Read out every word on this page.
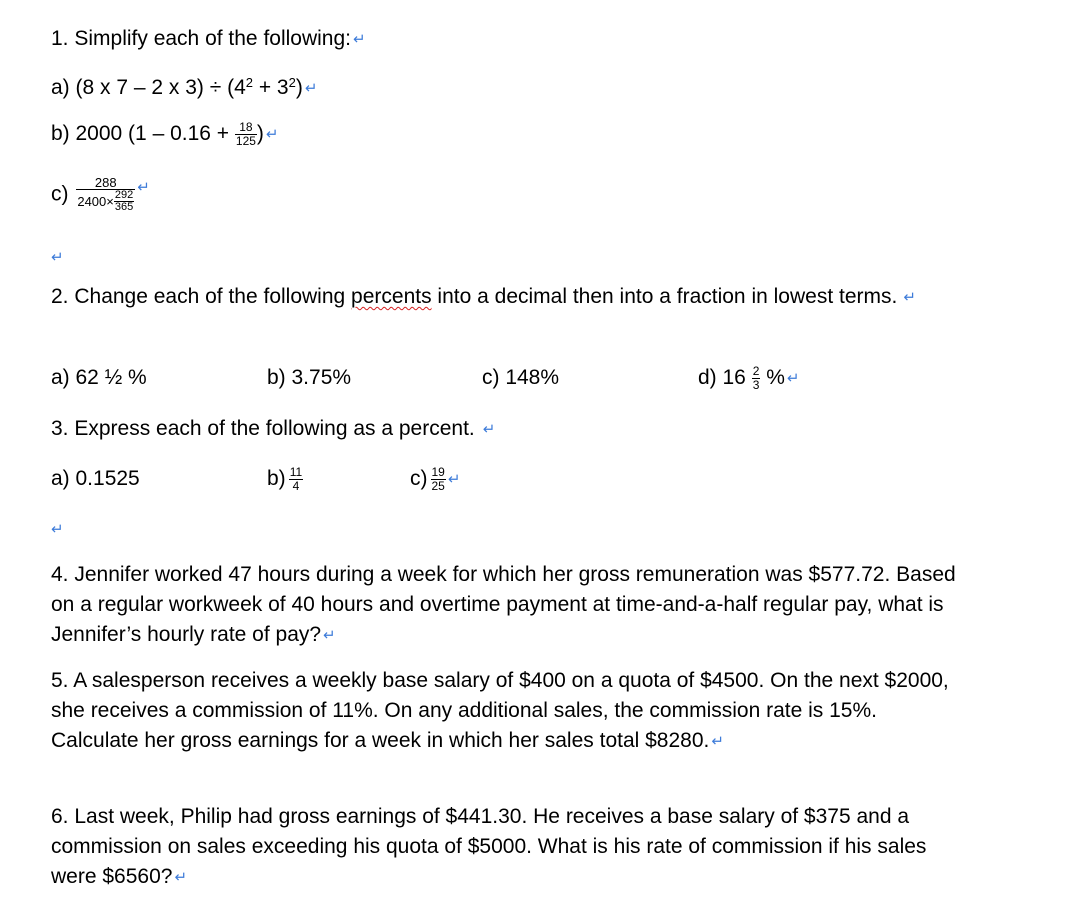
1. Simplify each of the following: ↵
a) (8 x 7 – 2 x $3) \div (4^2 + 3^2)$ ↵
b) 2000 ($1 - 0.16 + \frac{18}{125}$ ) ↵
$c) \frac{288}{2400\times \frac{292}{365}} ^↵$
↵
2. Change each of the following percents into a decimal then into a fraction in lowest terms. ↵
a) 62 ½ %	b) 3.75%	c) 148%	d) $16 \frac{2}{3}$ % ↵
3. Express each of the following as a percent. ↵
a) 0.1525	$b) \frac{11}{4}$	$c) \frac{19}{25}$ ↵
↵
4. Jennifer worked 47 hours during a week for which her gross remuneration was $577.72. Based on a regular workweek of 40 hours and overtime payment at time-and-a-half regular pay, what is Jennifer’s hourly rate of pay? ↵
5. A salesperson receives a weekly base salary of $400 on a quota of $4500. On the next $2000, she receives a commission of 11%. On any additional sales, the commission rate is 15%. Calculate her gross earnings for a week in which her sales total $8280. ↵
6. Last week, Philip had gross earnings of $441.30. He receives a base salary of $375 and a commission on sales exceeding his quota of $5000. What is his rate of commission if his sales were $6560? ↵
